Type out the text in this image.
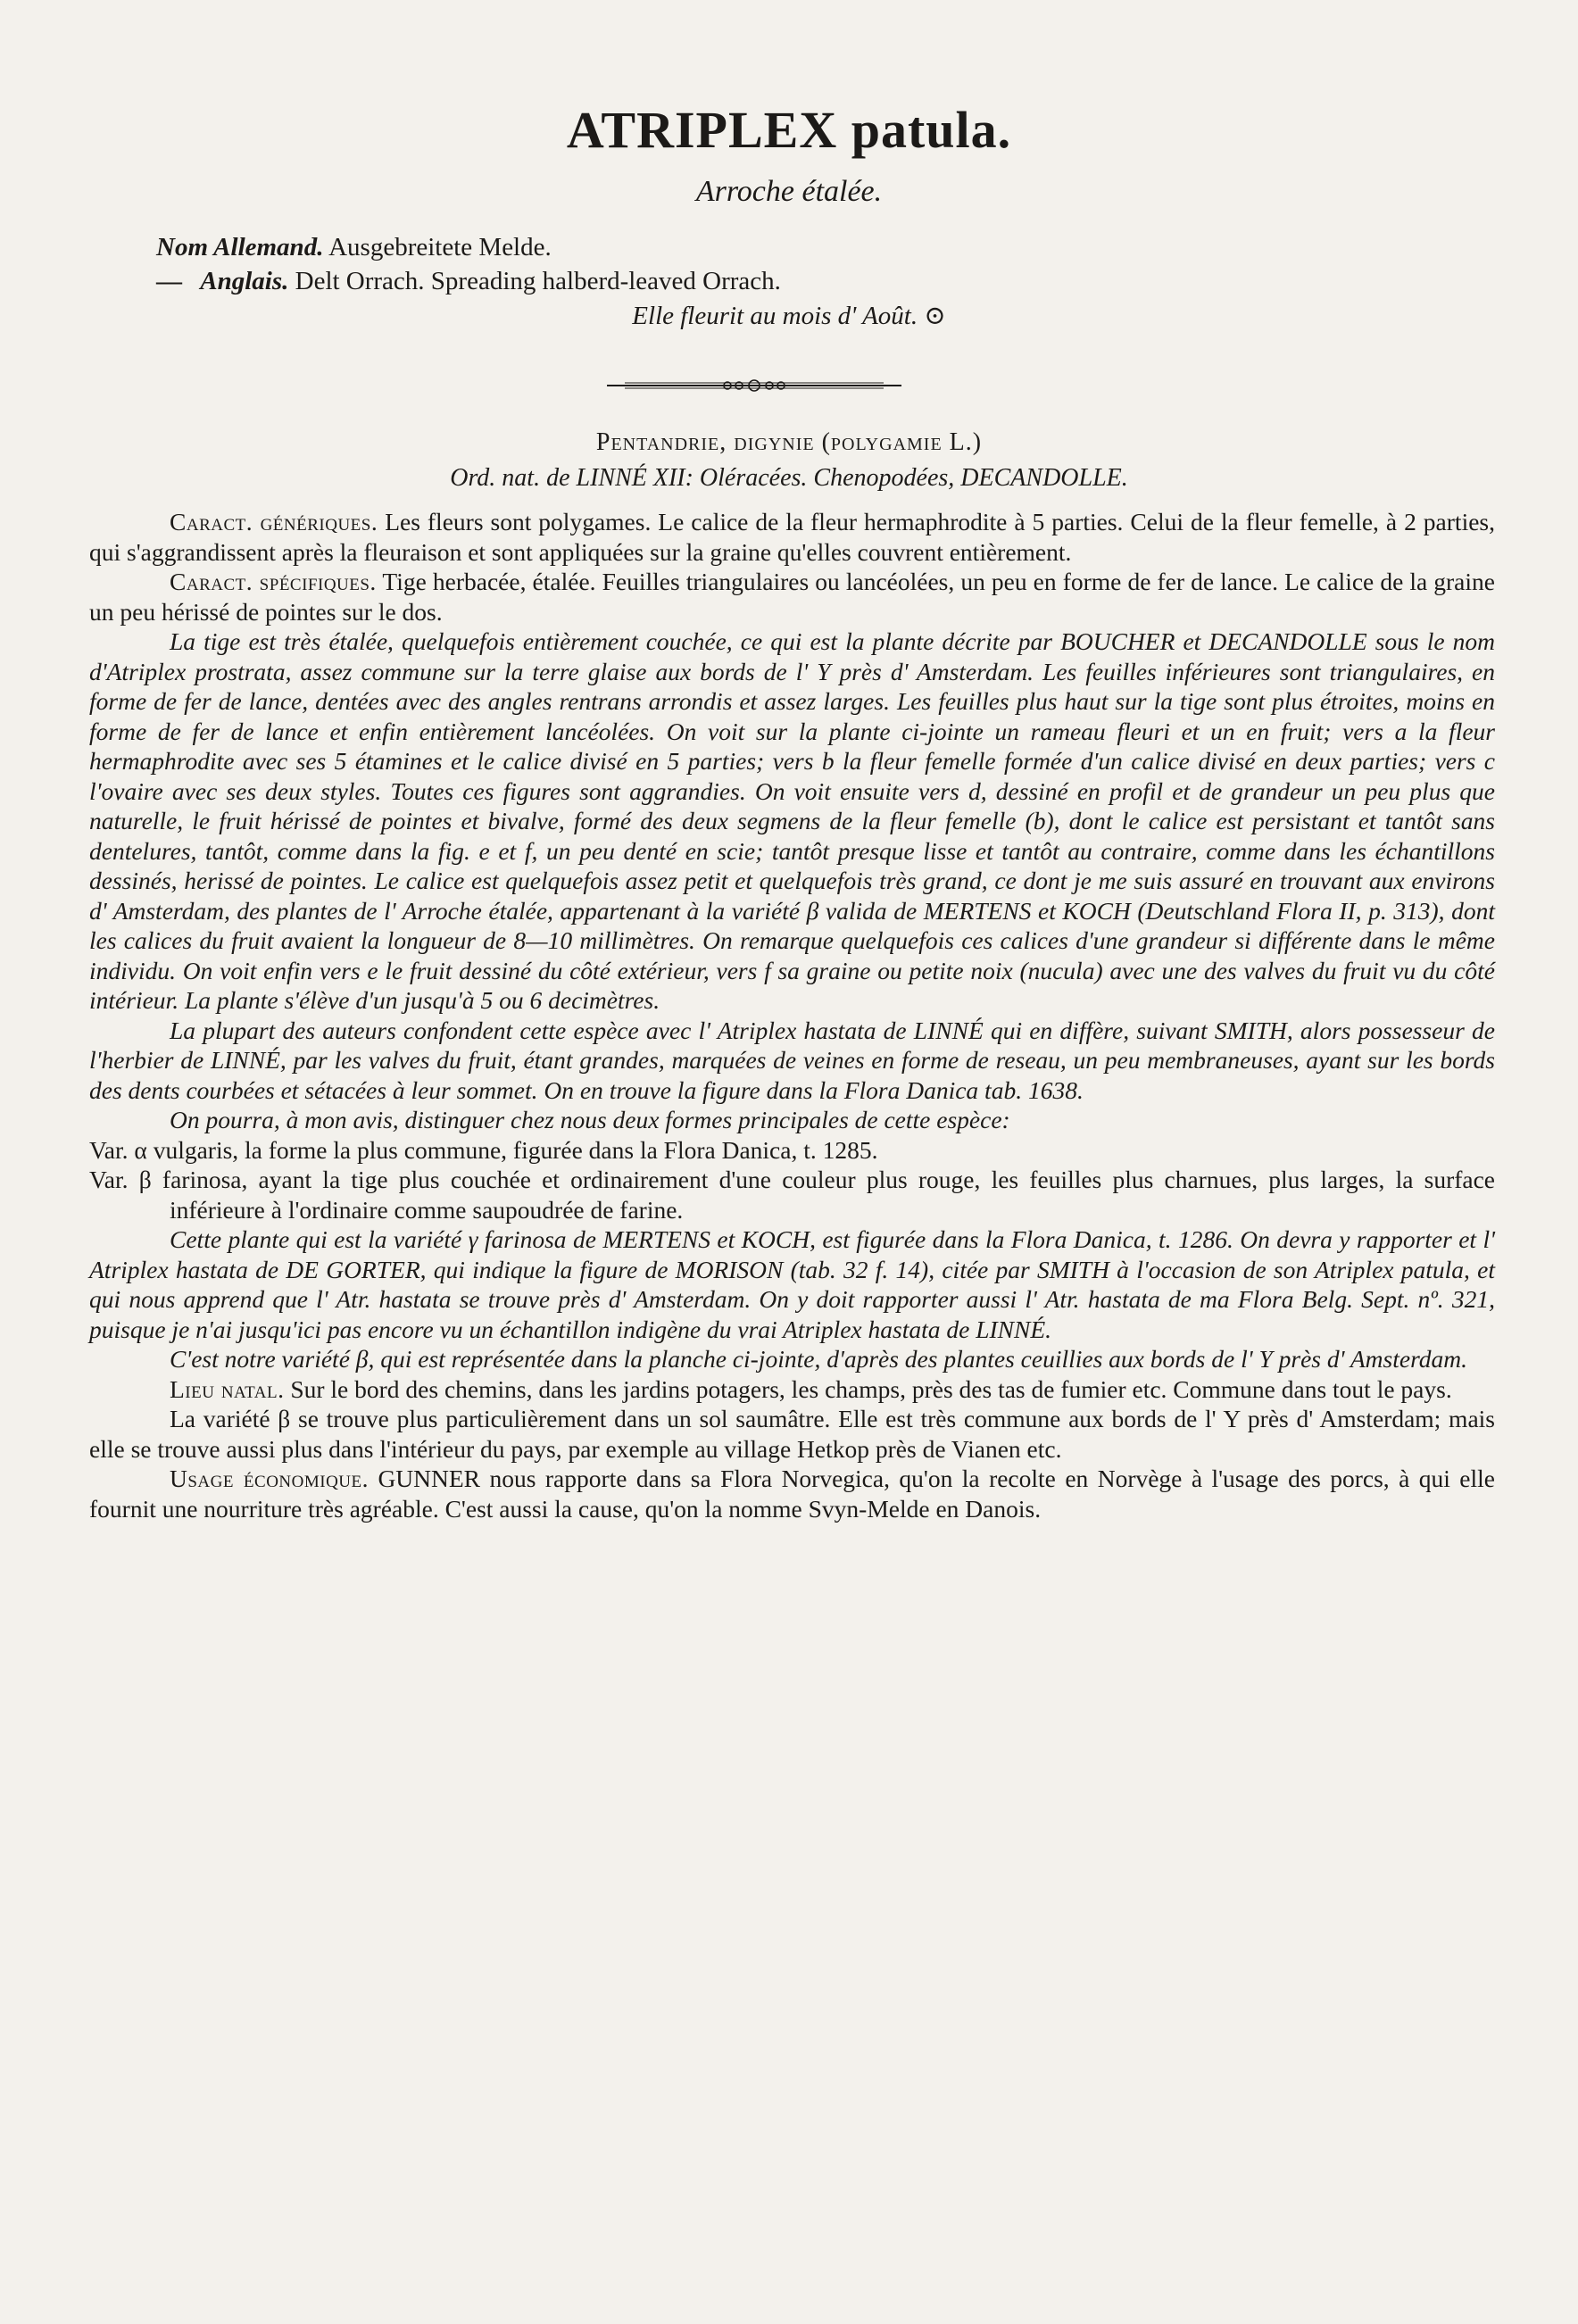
ATRIPLEX patula.
Arroche étalée.
Nom Allemand. Ausgebreitete Melde.
— Anglais. Delt Orrach. Spreading halberd-leaved Orrach.
Elle fleurit au mois d' Août. ⊙
Pentandrie, digynie (polygamie L.)
Ord. nat. de LINNÉ XII: Oléracées. Chenopodées, DECANDOLLE.

Caract. génériques. Les fleurs sont polygames. Le calice de la fleur hermaphrodite à 5 parties. Celui de la fleur femelle, à 2 parties, qui s'aggrandissent après la fleuraison et sont appliquées sur la graine qu'elles couvrent entièrement.

Caract. spécifiques. Tige herbacée, étalée. Feuilles triangulaires ou lancéolées, un peu en forme de fer de lance. Le calice de la graine un peu hérissé de pointes sur le dos.

La tige est très étalée, quelquefois entièrement couchée, ce qui est la plante décrite par BOUCHER et DECANDOLLE sous le nom d'Atriplex prostrata, assez commune sur la terre glaise aux bords de l' Y près d' Amsterdam. Les feuilles inférieures sont triangulaires, en forme de fer de lance, dentées avec des angles rentrans arrondis et assez larges. Les feuilles plus haut sur la tige sont plus étroites, moins en forme de fer de lance et enfin entièrement lancéolées. On voit sur la plante ci-jointe un rameau fleuri et un en fruit; vers a la fleur hermaphrodite avec ses 5 étamines et le calice divisé en 5 parties; vers b la fleur femelle formée d'un calice divisé en deux parties; vers c l'ovaire avec ses deux styles. Toutes ces figures sont aggrandies. On voit ensuite vers d, dessiné en profil et de grandeur un peu plus que naturelle, le fruit hérissé de pointes et bivalve, formé des deux segmens de la fleur femelle (b), dont le calice est persistant et tantôt sans dentelures, tantôt, comme dans la fig. e et f, un peu denté en scie; tantôt presque lisse et tantôt au contraire, comme dans les échantillons dessinés, herissé de pointes. Le calice est quelquefois assez petit et quelquefois très grand, ce dont je me suis assuré en trouvant aux environs d' Amsterdam, des plantes de l' Arroche étalée, appartenant à la variété β valida de MERTENS et KOCH (Deutschland Flora II, p. 313), dont les calices du fruit avaient la longueur de 8—10 millimètres. On remarque quelquefois ces calices d'une grandeur si différente dans le même individu. On voit enfin vers e le fruit dessiné du côté extérieur, vers f sa graine ou petite noix (nucula) avec une des valves du fruit vu du côté intérieur. La plante s'élève d'un jusqu'à 5 ou 6 decimètres.

La plupart des auteurs confondent cette espèce avec l' Atriplex hastata de LINNÉ qui en diffère, suivant SMITH, alors possesseur de l'herbier de LINNÉ, par les valves du fruit, étant grandes, marquées de veines en forme de reseau, un peu membraneuses, ayant sur les bords des dents courbées et sétacées à leur sommet. On en trouve la figure dans la Flora Danica tab. 1638.

On pourra, à mon avis, distinguer chez nous deux formes principales de cette espèce:

Var. α vulgaris, la forme la plus commune, figurée dans la Flora Danica, t. 1285.

Var. β farinosa, ayant la tige plus couchée et ordinairement d'une couleur plus rouge, les feuilles plus charnues, plus larges, la surface inférieure à l'ordinaire comme saupoudrée de farine.

Cette plante qui est la variété γ farinosa de MERTENS et KOCH, est figurée dans la Flora Danica, t. 1286. On devra y rapporter et l' Atriplex hastata de DE GORTER, qui indique la figure de MORISON (tab. 32 f. 14), citée par SMITH à l'occasion de son Atriplex patula, et qui nous apprend que l' Atr. hastata se trouve près d' Amsterdam. On y doit rapporter aussi l' Atr. hastata de ma Flora Belg. Sept. nº. 321, puisque je n'ai jusqu'ici pas encore vu un échantillon indigène du vrai Atriplex hastata de LINNÉ.

C'est notre variété β, qui est représentée dans la planche ci-jointe, d'après des plantes ceuillies aux bords de l' Y près d' Amsterdam.

Lieu natal. Sur le bord des chemins, dans les jardins potagers, les champs, près des tas de fumier etc. Commune dans tout le pays.

La variété β se trouve plus particulièrement dans un sol saumâtre. Elle est très commune aux bords de l' Y près d' Amsterdam; mais elle se trouve aussi plus dans l'intérieur du pays, par exemple au village Hetkop près de Vianen etc.

Usage économique. GUNNER nous rapporte dans sa Flora Norvegica, qu'on la recolte en Norvège à l'usage des porcs, à qui elle fournit une nourriture très agréable. C'est aussi la cause, qu'on la nomme Svyn-Melde en Danois.
